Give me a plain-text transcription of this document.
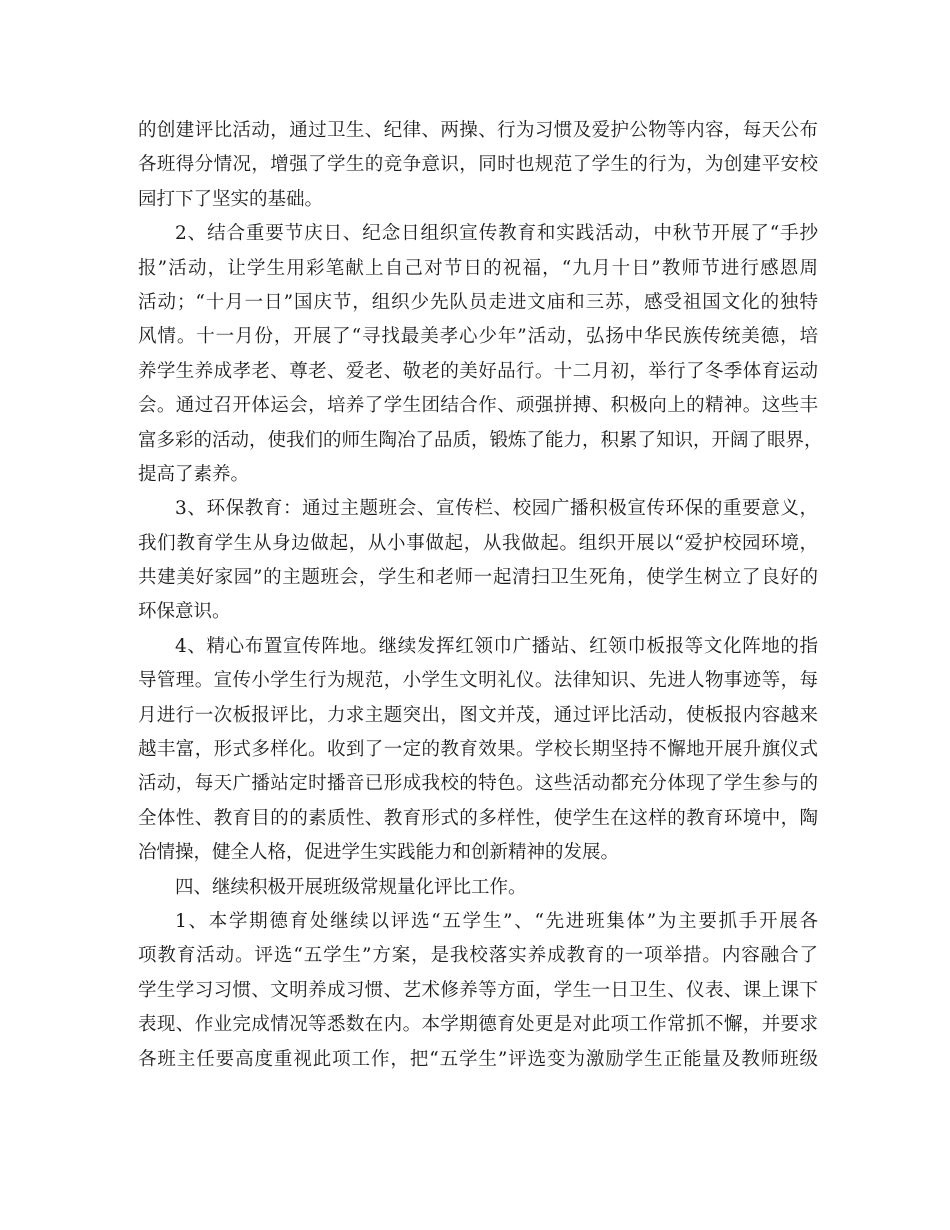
的创建评比活动，通过卫生、纪律、两操、行为习惯及爱护公物等内容，每天公布
各班得分情况，增强了学生的竞争意识，同时也规范了学生的行为，为创建平安校
园打下了坚实的基础。
2、结合重要节庆日、纪念日组织宣传教育和实践活动，中秋节开展了“手抄
报”活动，让学生用彩笔献上自己对节日的祝福，“九月十日”教师节进行感恩周
活动；“十月一日”国庆节，组织少先队员走进文庙和三苏，感受祖国文化的独特
风情。十一月份，开展了“寻找最美孝心少年”活动，弘扬中华民族传统美德，培
养学生养成孝老、尊老、爱老、敬老的美好品行。十二月初，举行了冬季体育运动
会。通过召开体运会，培养了学生团结合作、顽强拼搏、积极向上的精神。这些丰
富多彩的活动，使我们的师生陶冶了品质，锻炼了能力，积累了知识，开阔了眼界，
提高了素养。
3、环保教育：通过主题班会、宣传栏、校园广播积极宣传环保的重要意义，
我们教育学生从身边做起，从小事做起，从我做起。组织开展以“爱护校园环境，
共建美好家园”的主题班会，学生和老师一起清扫卫生死角，使学生树立了良好的
环保意识。
4、精心布置宣传阵地。继续发挥红领巾广播站、红领巾板报等文化阵地的指
导管理。宣传小学生行为规范，小学生文明礼仪。法律知识、先进人物事迹等，每
月进行一次板报评比，力求主题突出，图文并茂，通过评比活动，使板报内容越来
越丰富，形式多样化。收到了一定的教育效果。学校长期坚持不懈地开展升旗仪式
活动，每天广播站定时播音已形成我校的特色。这些活动都充分体现了学生参与的
全体性、教育目的的素质性、教育形式的多样性，使学生在这样的教育环境中，陶
冶情操，健全人格，促进学生实践能力和创新精神的发展。
四、继续积极开展班级常规量化评比工作。
1、本学期德育处继续以评选“五学生”、“先进班集体”为主要抓手开展各
项教育活动。评选“五学生”方案，是我校落实养成教育的一项举措。内容融合了
学生学习习惯、文明养成习惯、艺术修养等方面，学生一日卫生、仪表、课上课下
表现、作业完成情况等悉数在内。本学期德育处更是对此项工作常抓不懈，并要求
各班主任要高度重视此项工作，把“五学生”评选变为激励学生正能量及教师班级
